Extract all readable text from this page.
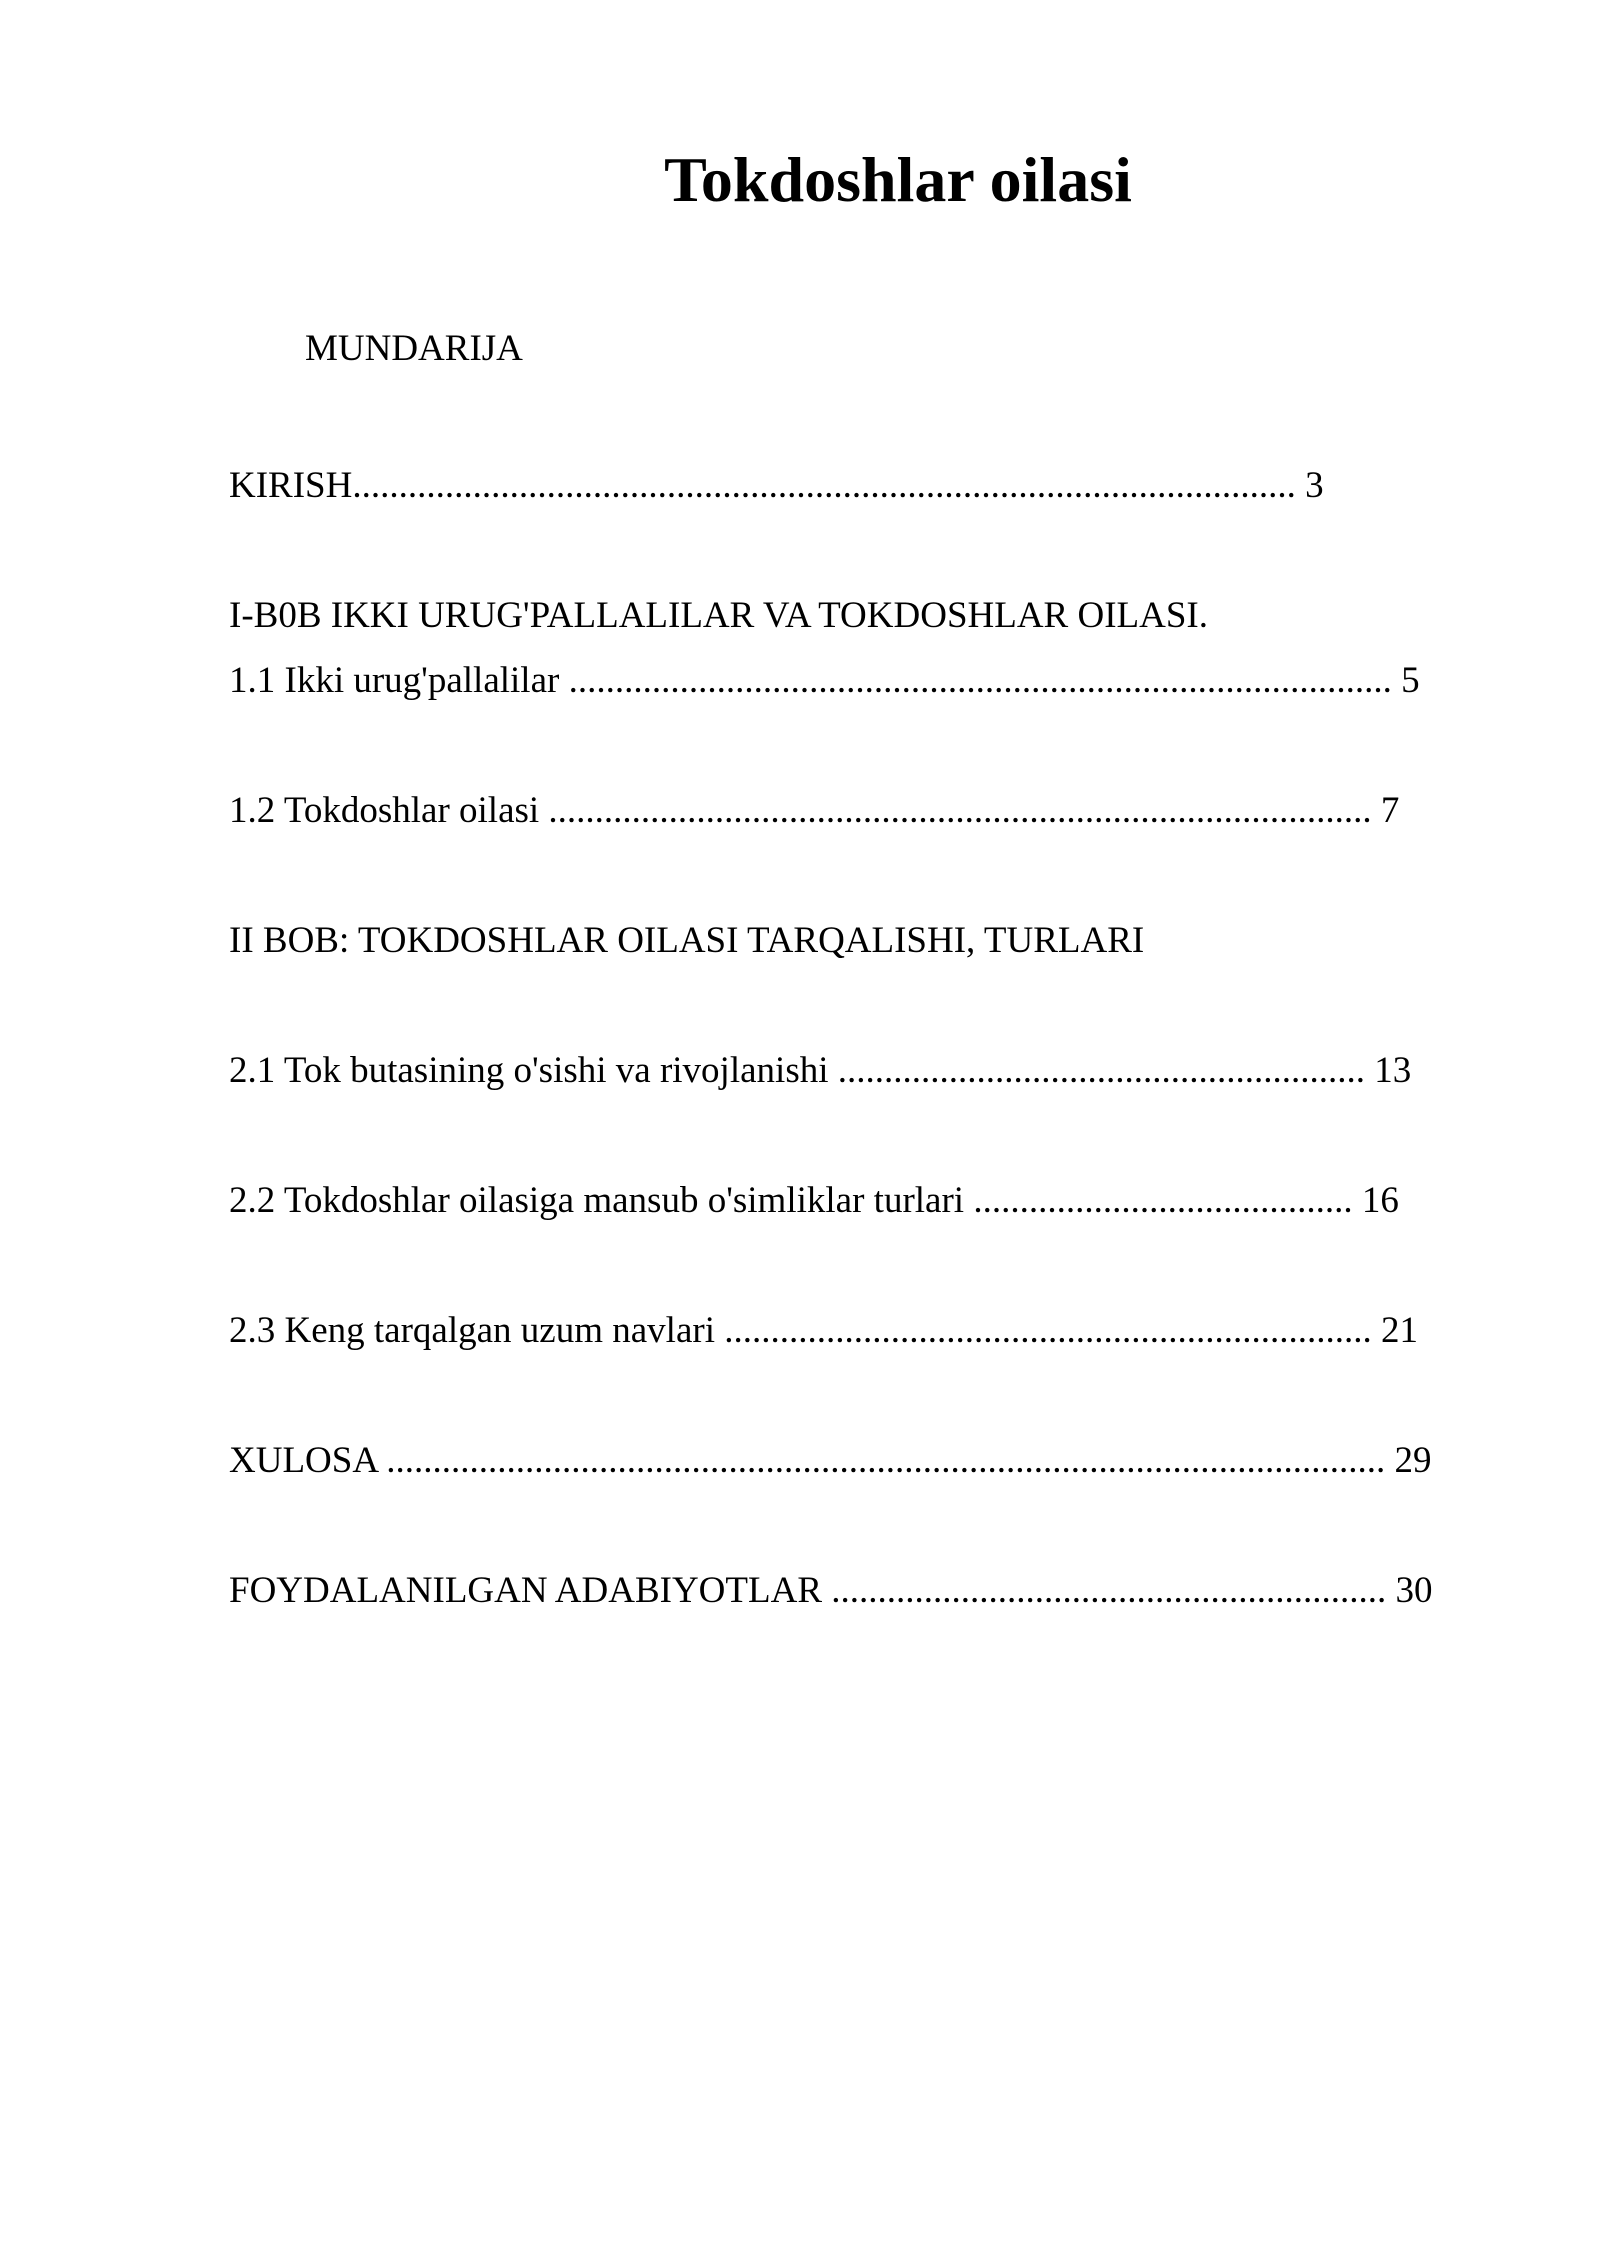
Tokdoshlar oilasi
MUNDARIJA
KIRISH...................................................................................................... 3
I-B0B IKKI URUG'PALLALILAR VA TOKDOSHLAR OILASI.
1.1 Ikki urug'pallalilar ......................................................................................... 5
1.2 Tokdoshlar oilasi ......................................................................................... 7
II BOB: TOKDOSHLAR OILASI TARQALISHI, TURLARI
2.1 Tok butasining o'sishi va rivojlanishi ......................................................... 13
2.2 Tokdoshlar oilasiga mansub o'simliklar turlari ......................................... 16
2.3 Keng tarqalgan uzum navlari ...................................................................... 21
XULOSA ............................................................................................................ 29
FOYDALANILGAN ADABIYOTLAR ............................................................ 30
